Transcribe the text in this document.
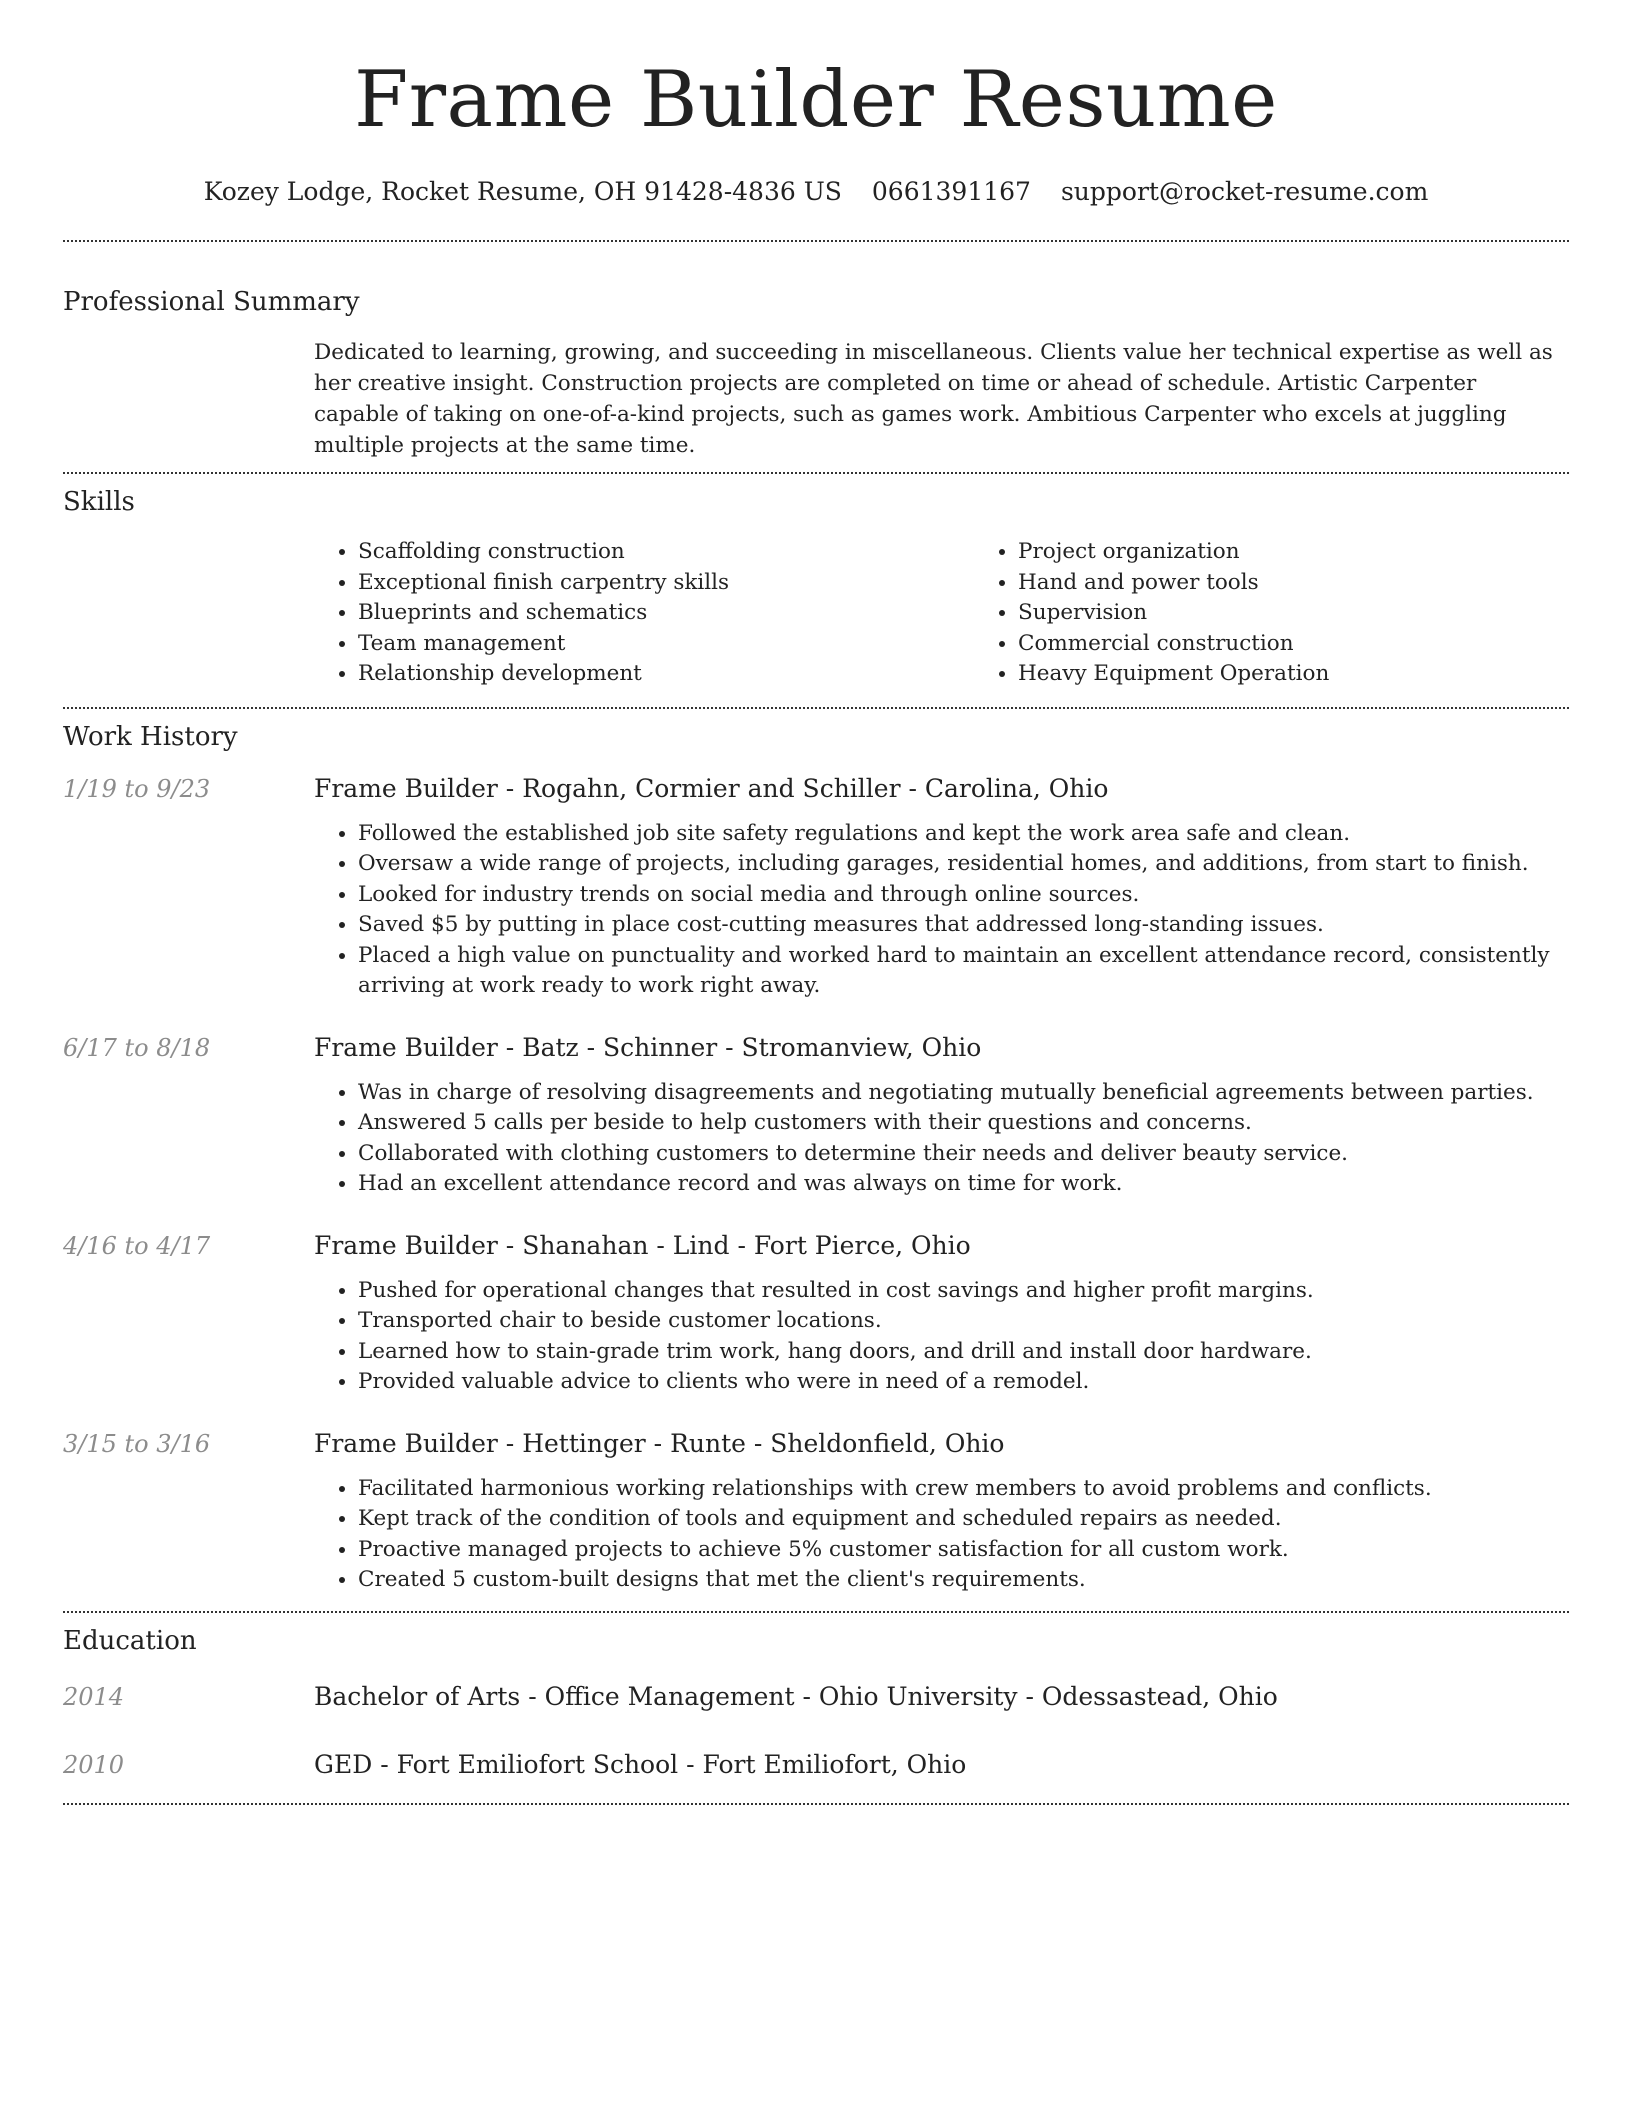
Frame Builder Resume
Kozey Lodge, Rocket Resume, OH 91428-4836 US 0661391167 support@rocket-resume.com
Professional Summary

Dedicated to learning, growing, and succeeding in miscellaneous. Clients value her technical expertise as well as her creative insight. Construction projects are completed on time or ahead of schedule. Artistic Carpenter capable of taking on one-of-a-kind projects, such as games work. Ambitious Carpenter who excels at juggling multiple projects at the same time.

Skills
• Scaffolding construction
• Exceptional finish carpentry skills
• Blueprints and schematics
• Team management
• Relationship development
• Project organization
• Hand and power tools
• Supervision
• Commercial construction
• Heavy Equipment Operation
Work History
1/19 to 9/23	Frame Builder - Rogahn, Cormier and Schiller - Carolina, Ohio
• Followed the established job site safety regulations and kept the work area safe and clean.
• Oversaw a wide range of projects, including garages, residential homes, and additions, from start to finish.
• Looked for industry trends on social media and through online sources.
• Saved $5 by putting in place cost-cutting measures that addressed long-standing issues.
• Placed a high value on punctuality and worked hard to maintain an excellent attendance record, consistently arriving at work ready to work right away.
6/17 to 8/18	Frame Builder - Batz - Schinner - Stromanview, Ohio
• Was in charge of resolving disagreements and negotiating mutually beneficial agreements between parties.
• Answered 5 calls per beside to help customers with their questions and concerns.
• Collaborated with clothing customers to determine their needs and deliver beauty service.
• Had an excellent attendance record and was always on time for work.
4/16 to 4/17	Frame Builder - Shanahan - Lind - Fort Pierce, Ohio
• Pushed for operational changes that resulted in cost savings and higher profit margins.
• Transported chair to beside customer locations.
• Learned how to stain-grade trim work, hang doors, and drill and install door hardware.
• Provided valuable advice to clients who were in need of a remodel.
3/15 to 3/16	Frame Builder - Hettinger - Runte - Sheldonfield, Ohio
• Facilitated harmonious working relationships with crew members to avoid problems and conflicts.
• Kept track of the condition of tools and equipment and scheduled repairs as needed.
• Proactive managed projects to achieve 5% customer satisfaction for all custom work.
• Created 5 custom-built designs that met the client's requirements.
Education
2014	Bachelor of Arts - Office Management - Ohio University - Odessastead, Ohio
2010	GED - Fort Emiliofort School - Fort Emiliofort, Ohio
